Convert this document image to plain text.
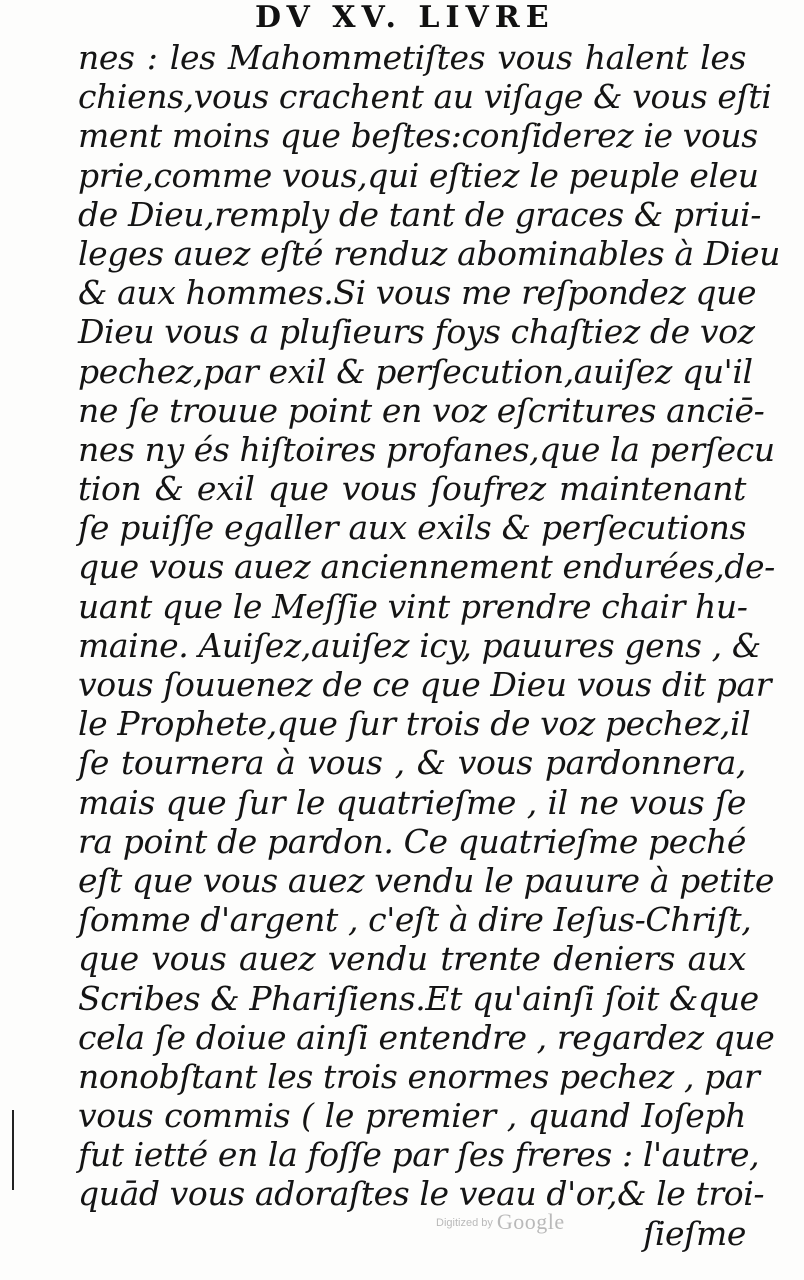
DV XV. LIVRE
nes : les Mahommetiſtes vous halent les
chiens,vous crachent au viſage & vous eſti
ment moins que beſtes:conſiderez ie vous
prie,comme vous,qui eſtiez le peuple eleu
de Dieu,remply de tant de graces & priui-
leges auez eſté renduz abominables à Dieu
& aux hommes.Si vous me reſpondez que
Dieu vous a pluſieurs foys chaſtiez de voz
pechez,par exil & perſecution,auiſez qu'il
ne ſe trouue point en voz eſcritures anciē-
nes ny és hiſtoires profanes,que la perſecu
tion & exil que vous ſoufrez maintenant
ſe puiſſe egaller aux exils & perſecutions
que vous auez anciennement endurées,de-
uant que le Meſſie vint prendre chair hu-
maine. Auiſez,auiſez icy, pauures gens , &
vous ſouuenez de ce que Dieu vous dit par
le Prophete,que ſur trois de voz pechez,il
ſe tournera à vous , & vous pardonnera,
mais que ſur le quatrieſme , il ne vous ſe
ra point de pardon. Ce quatrieſme peché
eſt que vous auez vendu le pauure à petite
ſomme d'argent , c'eſt à dire Ieſus-Chriſt,
que vous auez vendu trente deniers aux
Scribes & Phariſiens.Et qu'ainſi ſoit &que
cela ſe doiue ainſi entendre , regardez que
nonobſtant les trois enormes pechez , par
vous commis ( le premier , quand Ioſeph
fut ietté en la foſſe par ſes freres : l'autre,
quād vous adoraſtes le veau d'or,& le troi-
ſieſme
Digitized by Google
